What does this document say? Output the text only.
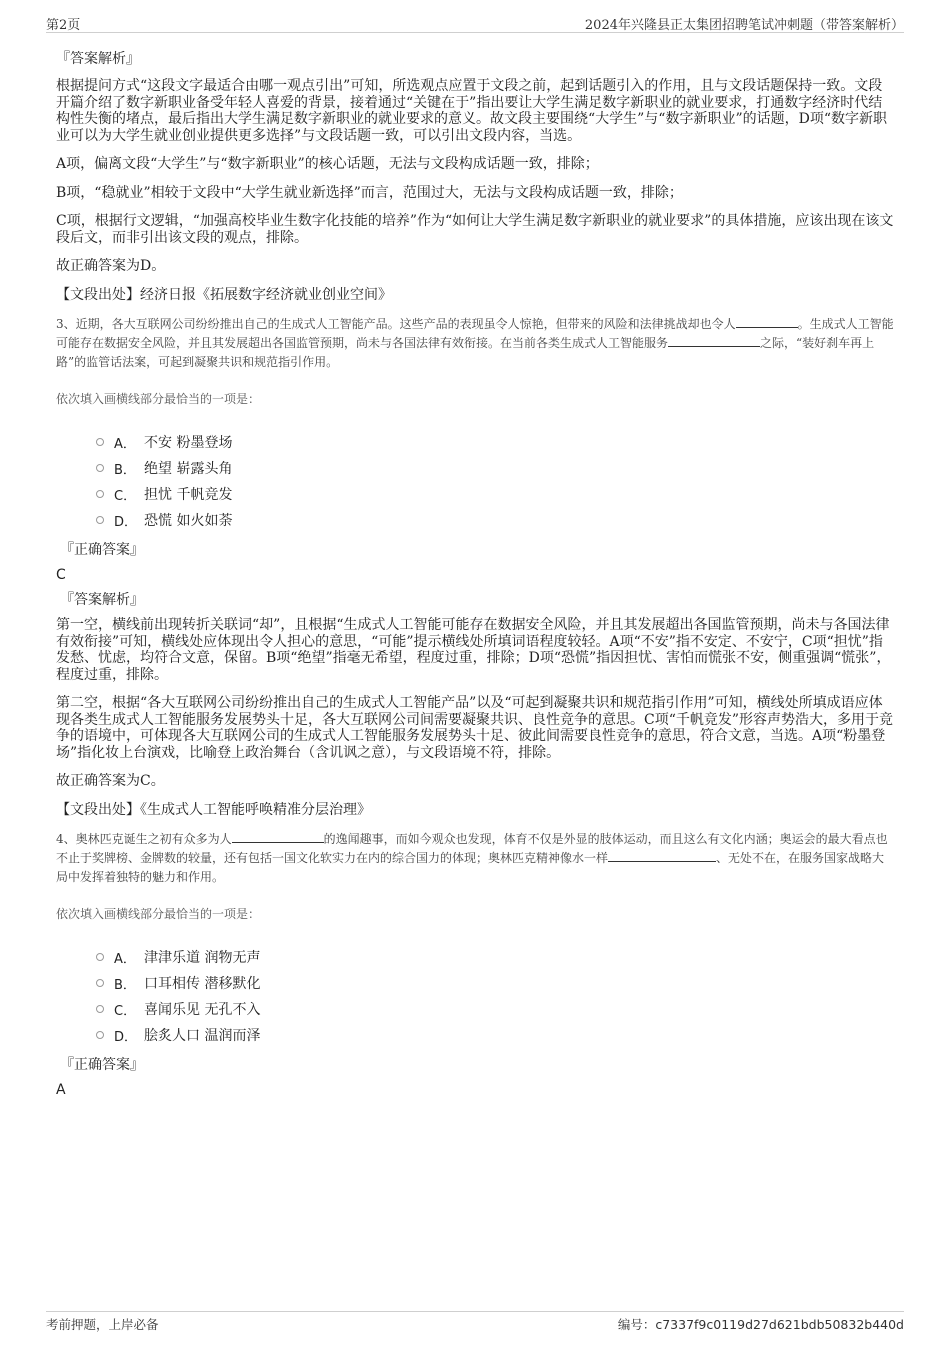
第2页	2024年兴隆县正太集团招聘笔试冲刺题（带答案解析）
『答案解析』

根据提问方式“这段文字最适合由哪一观点引出”可知，所选观点应置于文段之前，起到话题引入的作用，且与文段话题保持一致。文段开篇介绍了数字新职业备受年轻人喜爱的背景，接着通过“关键在于”指出要让大学生满足数字新职业的就业要求，打通数字经济时代结构性失衡的堵点，最后指出大学生满足数字新职业的就业要求的意义。故文段主要围绕“大学生”与“数字新职业”的话题，D项“数字新职业可以为大学生就业创业提供更多选择”与文段话题一致，可以引出文段内容，当选。

A项，偏离文段“大学生”与“数字新职业”的核心话题，无法与文段构成话题一致，排除；

B项，“稳就业”相较于文段中“大学生就业新选择”而言，范围过大，无法与文段构成话题一致，排除；

C项，根据行文逻辑，“加强高校毕业生数字化技能的培养”作为“如何让大学生满足数字新职业的就业要求”的具体措施，应该出现在该文段后文，而非引出该文段的观点，排除。

故正确答案为D。

【文段出处】经济日报《拓展数字经济就业创业空间》

3、近期，各大互联网公司纷纷推出自己的生成式人工智能产品。这些产品的表现虽令人惊艳，但带来的风险和法律挑战却也令人	。生成式人工智能可能存在数据安全风险，并且其发展超出各国监管预期，尚未与各国法律有效衔接。在当前各类生成式人工智能服务	之际，“装好刹车再上路”的监管话法案，可起到凝聚共识和规范指引作用。

依次填入画横线部分最恰当的一项是：

A． 不安 粉墨登场
B． 绝望 崭露头角
C． 担忧 千帆竞发
D． 恐慌 如火如荼
『正确答案』
C
『答案解析』

第一空，横线前出现转折关联词“却”，且根据“生成式人工智能可能存在数据安全风险，并且其发展超出各国监管预期，尚未与各国法律有效衔接”可知，横线处应体现出令人担心的意思，“可能”提示横线处所填词语程度较轻。A项“不安”指不安定、不安宁，C项“担忧”指发愁、忧虑，均符合文意，保留。B项“绝望”指毫无希望，程度过重，排除；D项“恐慌”指因担忧、害怕而慌张不安，侧重强调“慌张”，程度过重，排除。

第二空，根据“各大互联网公司纷纷推出自己的生成式人工智能产品”以及“可起到凝聚共识和规范指引作用”可知，横线处所填成语应体现各类生成式人工智能服务发展势头十足，各大互联网公司间需要凝聚共识、良性竞争的意思。C项“千帆竞发”形容声势浩大，多用于竞争的语境中，可体现各大互联网公司的生成式人工智能服务发展势头十足、彼此间需要良性竞争的意思，符合文意，当选。A项“粉墨登场”指化妆上台演戏，比喻登上政治舞台（含讥讽之意），与文段语境不符，排除。

故正确答案为C。

【文段出处】《生成式人工智能呼唤精准分层治理》

4、奥林匹克诞生之初有众多为人	的逸闻趣事，而如今观众也发现，体育不仅是外显的肢体运动，而且这么有文化内涵；奥运会的最大看点也不止于奖牌榜、金牌数的较量，还有包括一国文化软实力在内的综合国力的体现；奥林匹克精神像水一样	、无处不在，在服务国家战略大局中发挥着独特的魅力和作用。

依次填入画横线部分最恰当的一项是：

A． 津津乐道 润物无声
B． 口耳相传 潜移默化
C． 喜闻乐见 无孔不入
D． 脍炙人口 温润而泽
『正确答案』
A
考前押题，上岸必备	编号：c7337f9c0119d27d621bdb50832b440d
